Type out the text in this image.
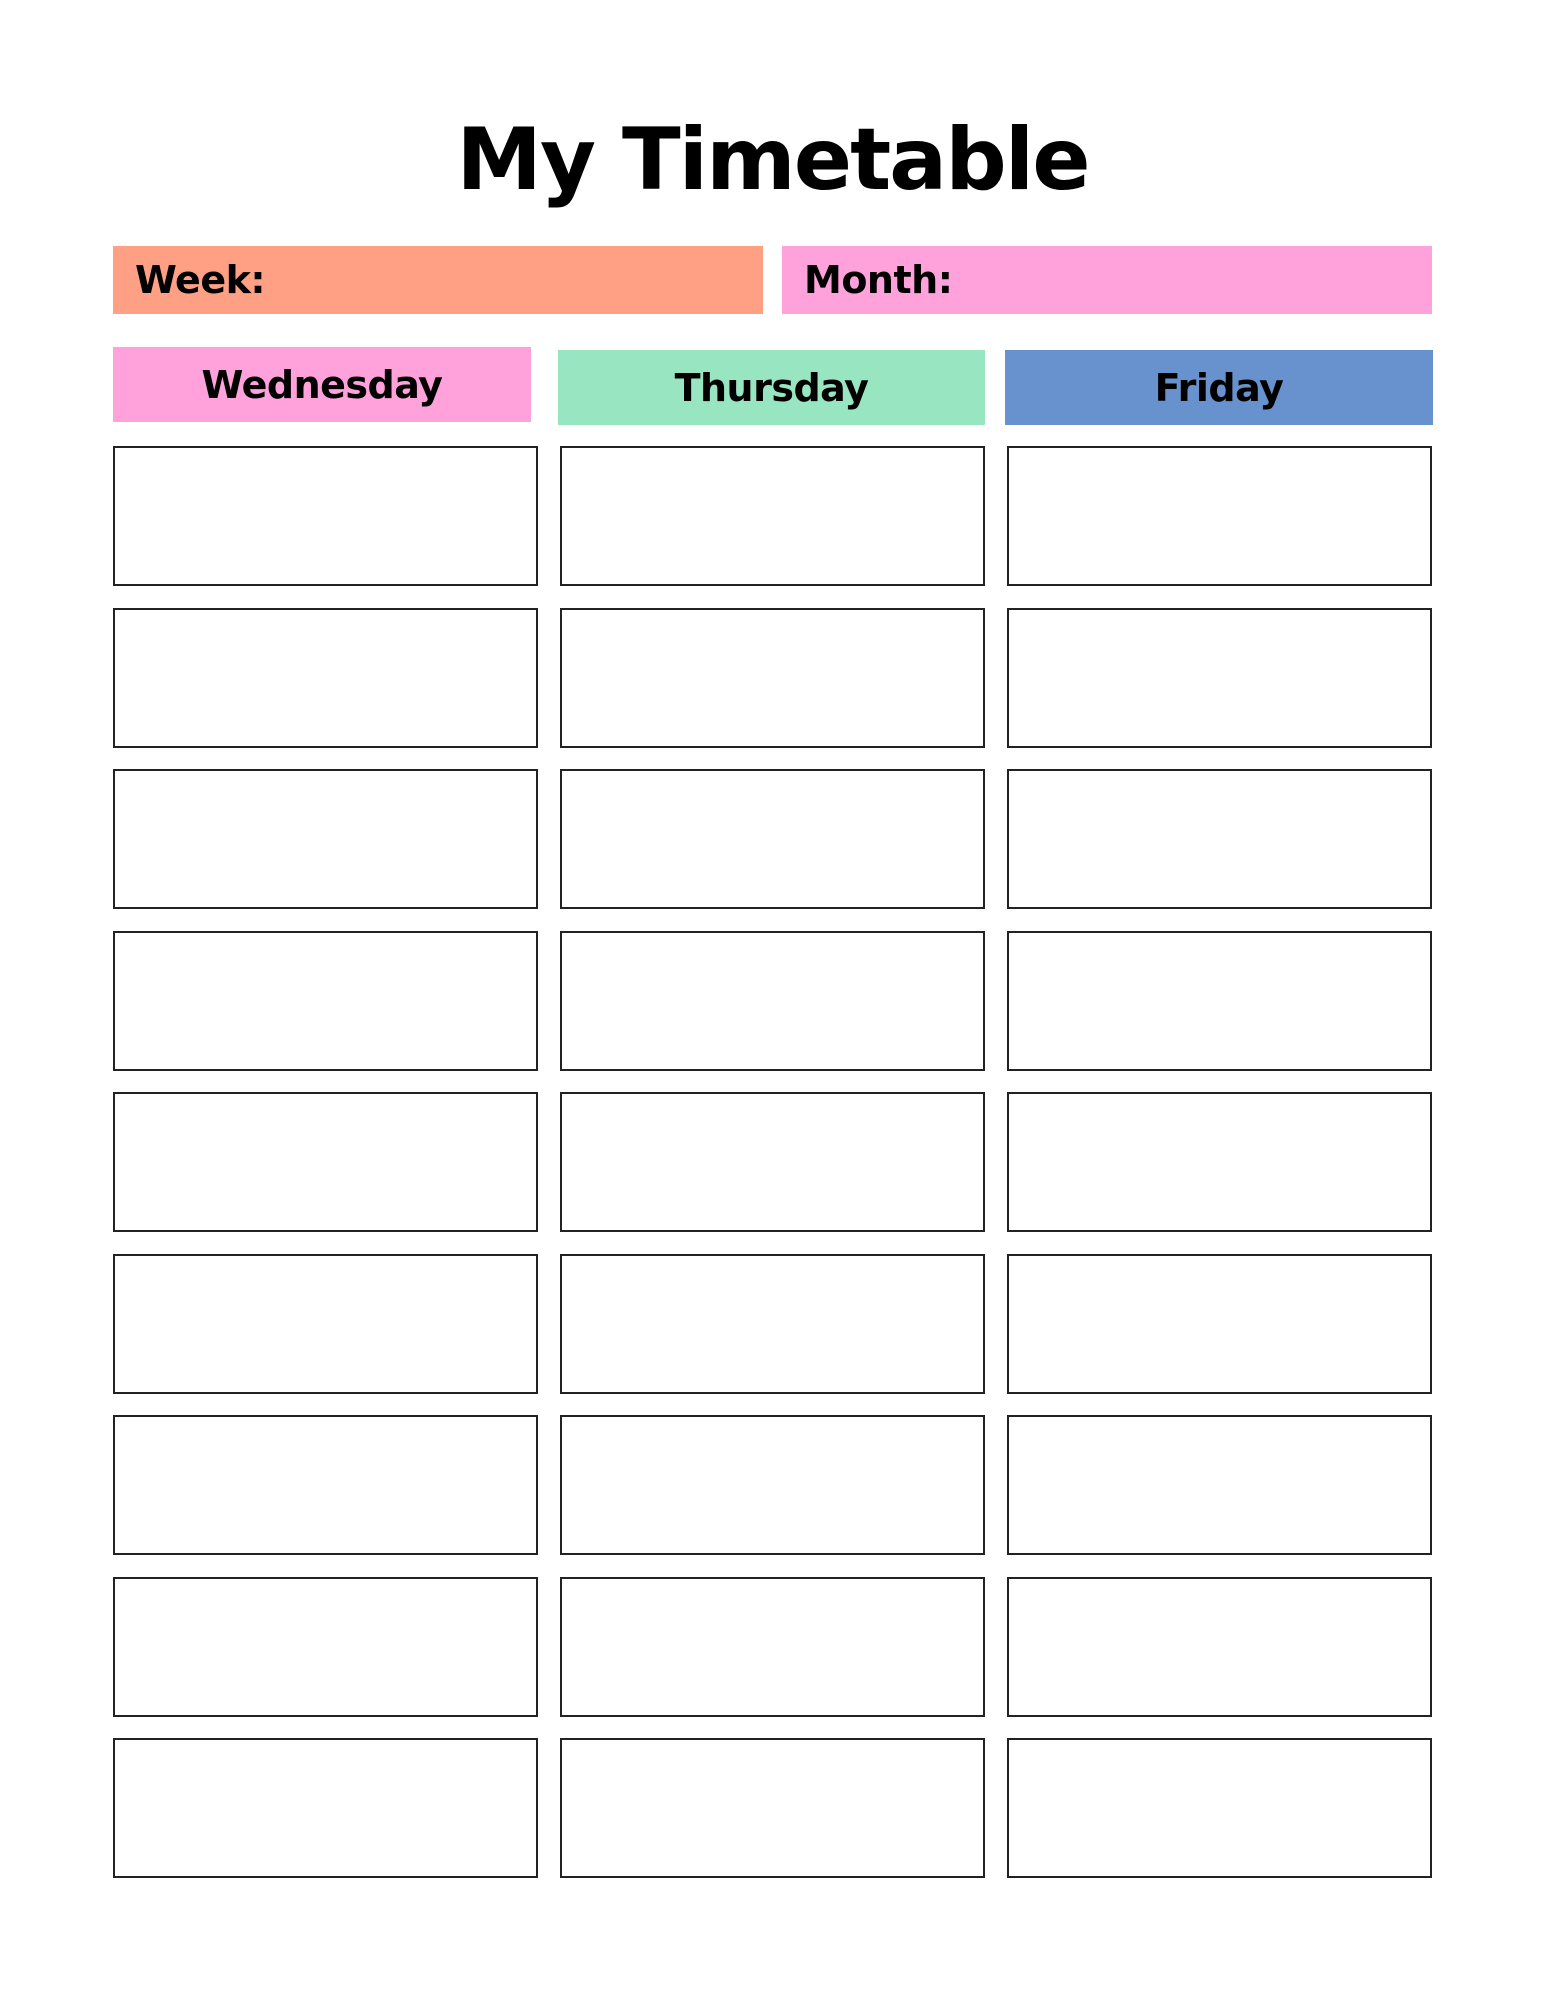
My Timetable
Week:	Month:
Wednesday	Thursday	Friday
